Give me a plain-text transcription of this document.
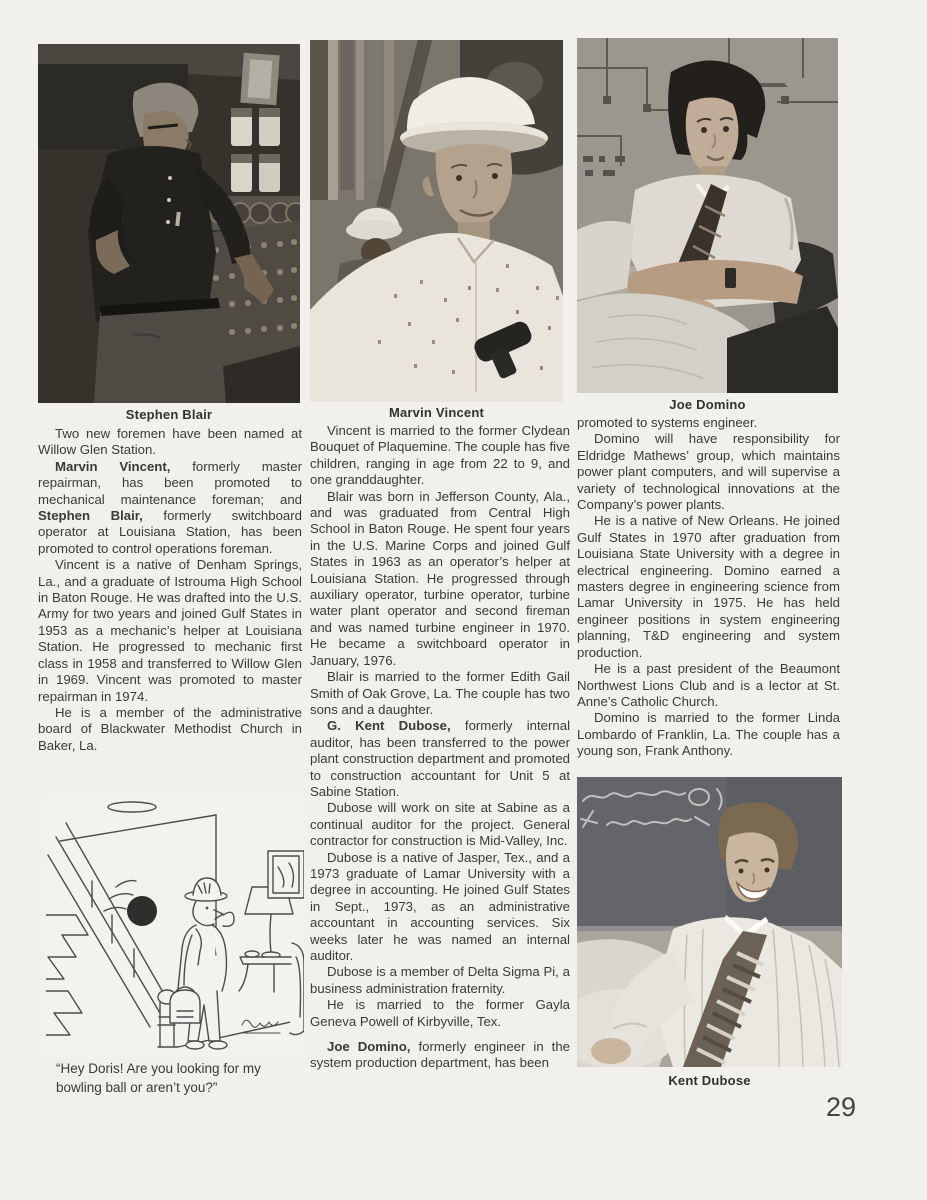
Stephen Blair	Marvin Vincent
Joe Domino
Kent Dubose
“Hey Doris! Are you looking for my
bowling ball or aren’t you?”

Two new foremen have been named at Willow Glen Station.

Marvin Vincent, formerly master repairman, has been promoted to mechanical maintenance foreman; and Stephen Blair, formerly switchboard operator at Louisiana Station, has been promoted to control operations foreman.

Vincent is a native of Denham Springs, La., and a graduate of Istrouma High School in Baton Rouge. He was drafted into the U.S. Army for two years and joined Gulf States in 1953 as a mechanic’s helper at Louisiana Station. He progressed to mechanic first class in 1958 and transferred to Willow Glen in 1969. Vincent was promoted to master repairman in 1974.

He is a member of the administrative board of Blackwater Methodist Church in Baker, La.

Vincent is married to the former Clydean Bouquet of Plaquemine. The couple has five children, ranging in age from 22 to 9, and one granddaughter.

Blair was born in Jefferson County, Ala., and was graduated from Central High School in Baton Rouge. He spent four years in the U.S. Marine Corps and joined Gulf States in 1963 as an operator’s helper at Louisiana Station. He progressed through auxiliary operator, turbine operator, turbine water plant operator and second fireman and was named turbine engineer in 1970. He became a switchboard operator in January, 1976.

Blair is married to the former Edith Gail Smith of Oak Grove, La. The couple has two sons and a daughter.

G. Kent Dubose, formerly internal auditor, has been transferred to the power plant construction department and promoted to construction accountant for Unit 5 at Sabine Station.

Dubose will work on site at Sabine as a continual auditor for the project. General contractor for construction is Mid-Valley, Inc.

Dubose is a native of Jasper, Tex., and a 1973 graduate of Lamar University with a degree in accounting. He joined Gulf States in Sept., 1973, as an administrative accountant in accounting services. Six weeks later he was named an internal auditor.

Dubose is a member of Delta Sigma Pi, a business administration fraternity.

He is married to the former Gayla Geneva Powell of Kirbyville, Tex.

Joe Domino, formerly engineer in the system production department, has been

promoted to systems engineer.

Domino will have responsibility for Eldridge Mathews’ group, which maintains power plant computers, and will supervise a variety of technological innovations at the Company’s power plants.

He is a native of New Orleans. He joined Gulf States in 1970 after graduation from Louisiana State University with a degree in electrical engineering. Domino earned a masters degree in engineering science from Lamar University in 1975. He has held engineer positions in system engineering planning, T&D engineering and system production.

He is a past president of the Beaumont Northwest Lions Club and is a lector at St. Anne’s Catholic Church.

Domino is married to the former Linda Lombardo of Franklin, La. The couple has a young son, Frank Anthony.

29
